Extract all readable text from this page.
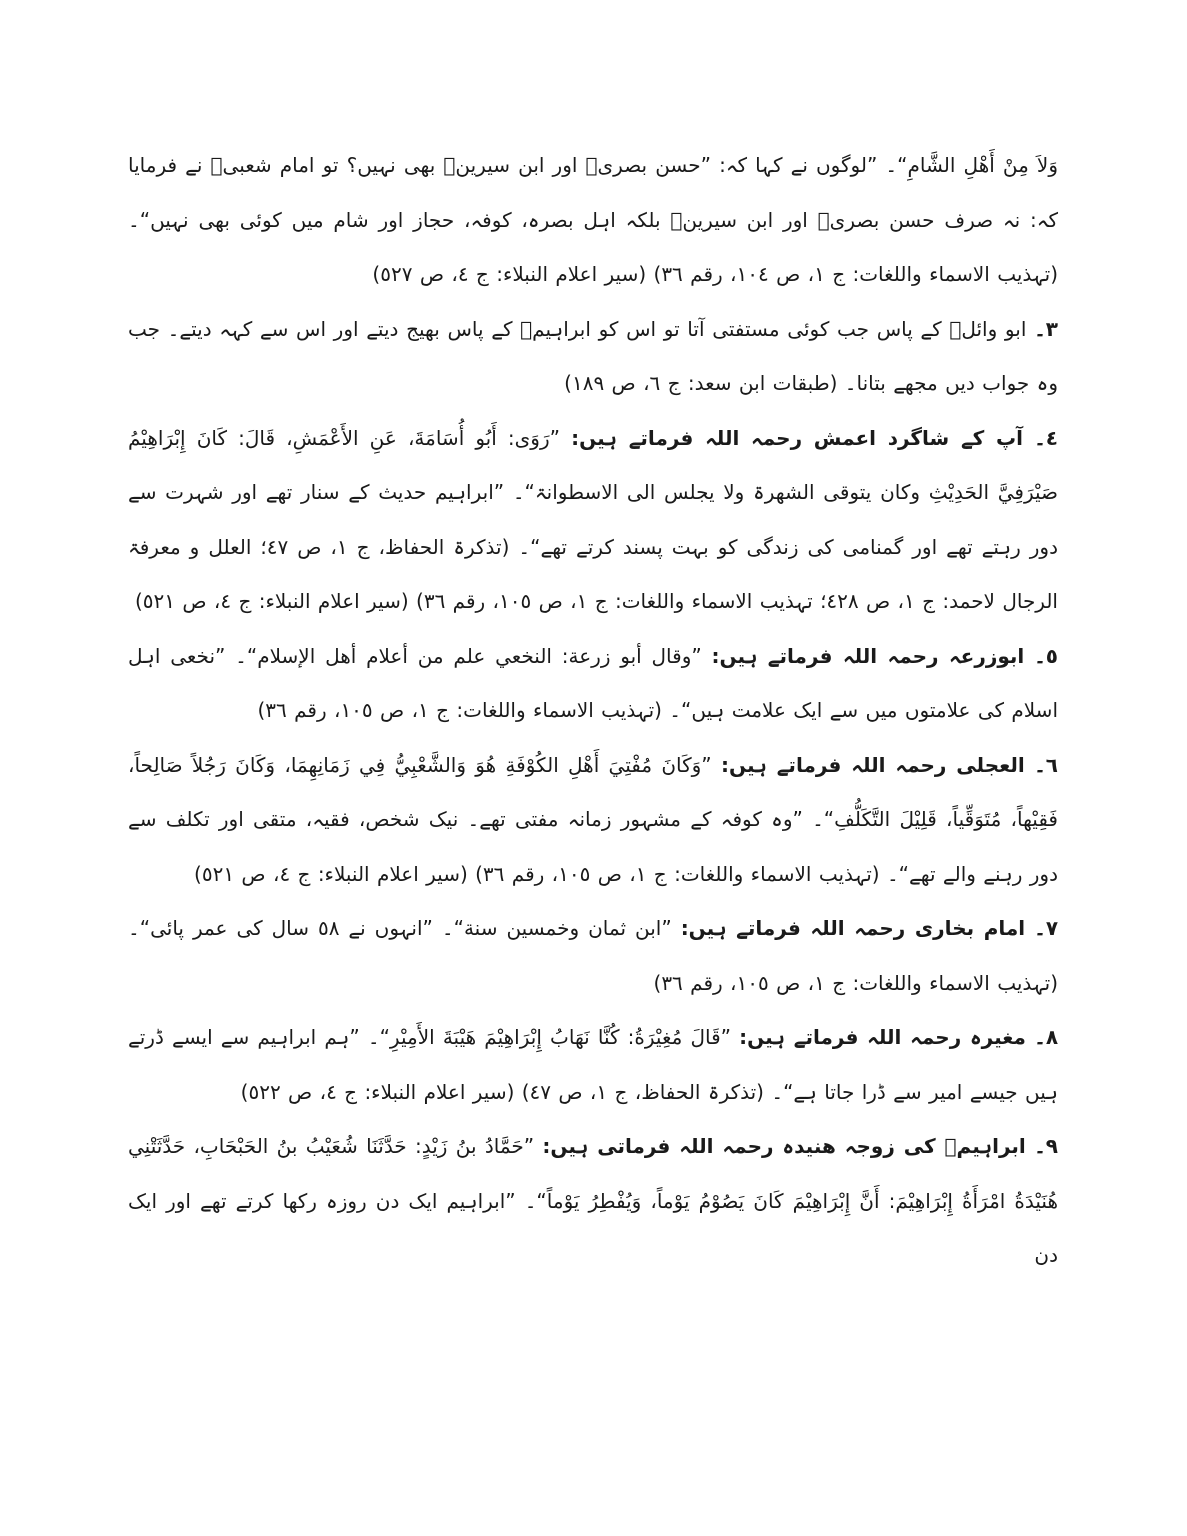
وَلاَ مِنْ أَهْلِ الشَّامِ“۔ ”لوگوں نے کہا کہ: ”حسن بصریؒ اور ابن سیرینؒ بھی نہیں؟ تو امام شعبیؒ نے فرمایا کہ: نہ صرف حسن بصریؒ اور ابن سیرینؒ بلکہ اہل بصرہ، کوفہ، حجاز اور شام میں کوئی بھی نہیں“۔ (تہذیب الاسماء واللغات: ج ١، ص ١٠٤، رقم ٣٦) (سیر اعلام النبلاء: ج ٤، ص ٥٢٧)

٣۔ ابو وائلؒ کے پاس جب کوئی مستفتی آتا تو اس کو ابراہیمؒ کے پاس بھیج دیتے اور اس سے کہہ دیتے۔ جب وہ جواب دیں مجھے بتانا۔ (طبقات ابن سعد: ج ٦، ص ١٨٩)

٤۔ آپ کے شاگرد اعمش رحمہ اللہ فرماتے ہیں: ”رَوَى: أَبُو أُسَامَةَ، عَنِ الأَعْمَشِ، قَالَ: كَانَ إِبْرَاهِيْمُ صَيْرَفِيَّ الحَدِيْثِ وکان یتوقی الشھرۃ ولا یجلس الی الاسطوانۃ“۔ ”ابراہیم حدیث کے سنار تھے اور شہرت سے دور رہتے تھے اور گمنامی کی زندگی کو بہت پسند کرتے تھے“۔ (تذکرۃ الحفاظ، ج ١، ص ٤٧؛ العلل و معرفۃ الرجال لاحمد: ج ١، ص ٤٢٨؛ تہذیب الاسماء واللغات: ج ١، ص ١٠٥، رقم ٣٦) (سیر اعلام النبلاء: ج ٤، ص ٥٢١)

٥۔ ابوزرعہ رحمہ اللہ فرماتے ہیں: ”وقال أبو زرعة: النخعي علم من أعلام أهل الإسلام“۔ ”نخعی اہل اسلام کی علامتوں میں سے ایک علامت ہیں“۔ (تہذیب الاسماء واللغات: ج ١، ص ١٠٥، رقم ٣٦)

٦۔ العجلی رحمہ اللہ فرماتے ہیں: ”وَكَانَ مُفْتِيَ أَهْلِ الكُوْفَةِ هُوَ وَالشَّعْبِيُّ فِي زَمَانِهِمَا، وَكَانَ رَجُلاً صَالِحاً، فَقِيْهاً، مُتَوَقِّياً، قَلِيْلَ التَّكَلُّفِ“۔ ”وہ کوفہ کے مشہور زمانہ مفتی تھے۔ نیک شخص، فقیہ، متقی اور تکلف سے دور رہنے والے تھے“۔ (تہذیب الاسماء واللغات: ج ١، ص ١٠٥، رقم ٣٦) (سیر اعلام النبلاء: ج ٤، ص ٥٢١)

٧۔ امام بخاری رحمہ اللہ فرماتے ہیں: ”ابن ثمان وخمسین سنة“۔ ”انہوں نے ٥٨ سال کی عمر پائی“۔ (تہذیب الاسماء واللغات: ج ١، ص ١٠٥، رقم ٣٦)

٨۔ مغیرہ رحمہ اللہ فرماتے ہیں: ”قَالَ مُغِيْرَةُ: كُنَّا نَهَابُ إِبْرَاهِيْمَ هَيْبَةَ الأَمِيْرِ“۔ ”ہم ابراہیم سے ایسے ڈرتے ہیں جیسے امیر سے ڈرا جاتا ہے“۔ (تذکرۃ الحفاظ، ج ١، ص ٤٧) (سیر اعلام النبلاء: ج ٤، ص ٥٢٢)

٩۔ ابراہیمؒ کی زوجہ ھنیدہ رحمہ اللہ فرماتی ہیں: ”حَمَّادُ بنُ زَيْدٍ: حَدَّثَنَا شُعَيْبُ بنُ الحَبْحَابِ، حَدَّثَتْنِي هُنَيْدَةُ امْرَأَةُ إِبْرَاهِيْمَ: أَنَّ إِبْرَاهِيْمَ كَانَ يَصُوْمُ يَوْماً، وَيُفْطِرُ يَوْماً“۔ ”ابراہیم ایک دن روزہ رکھا کرتے تھے اور ایک دن
